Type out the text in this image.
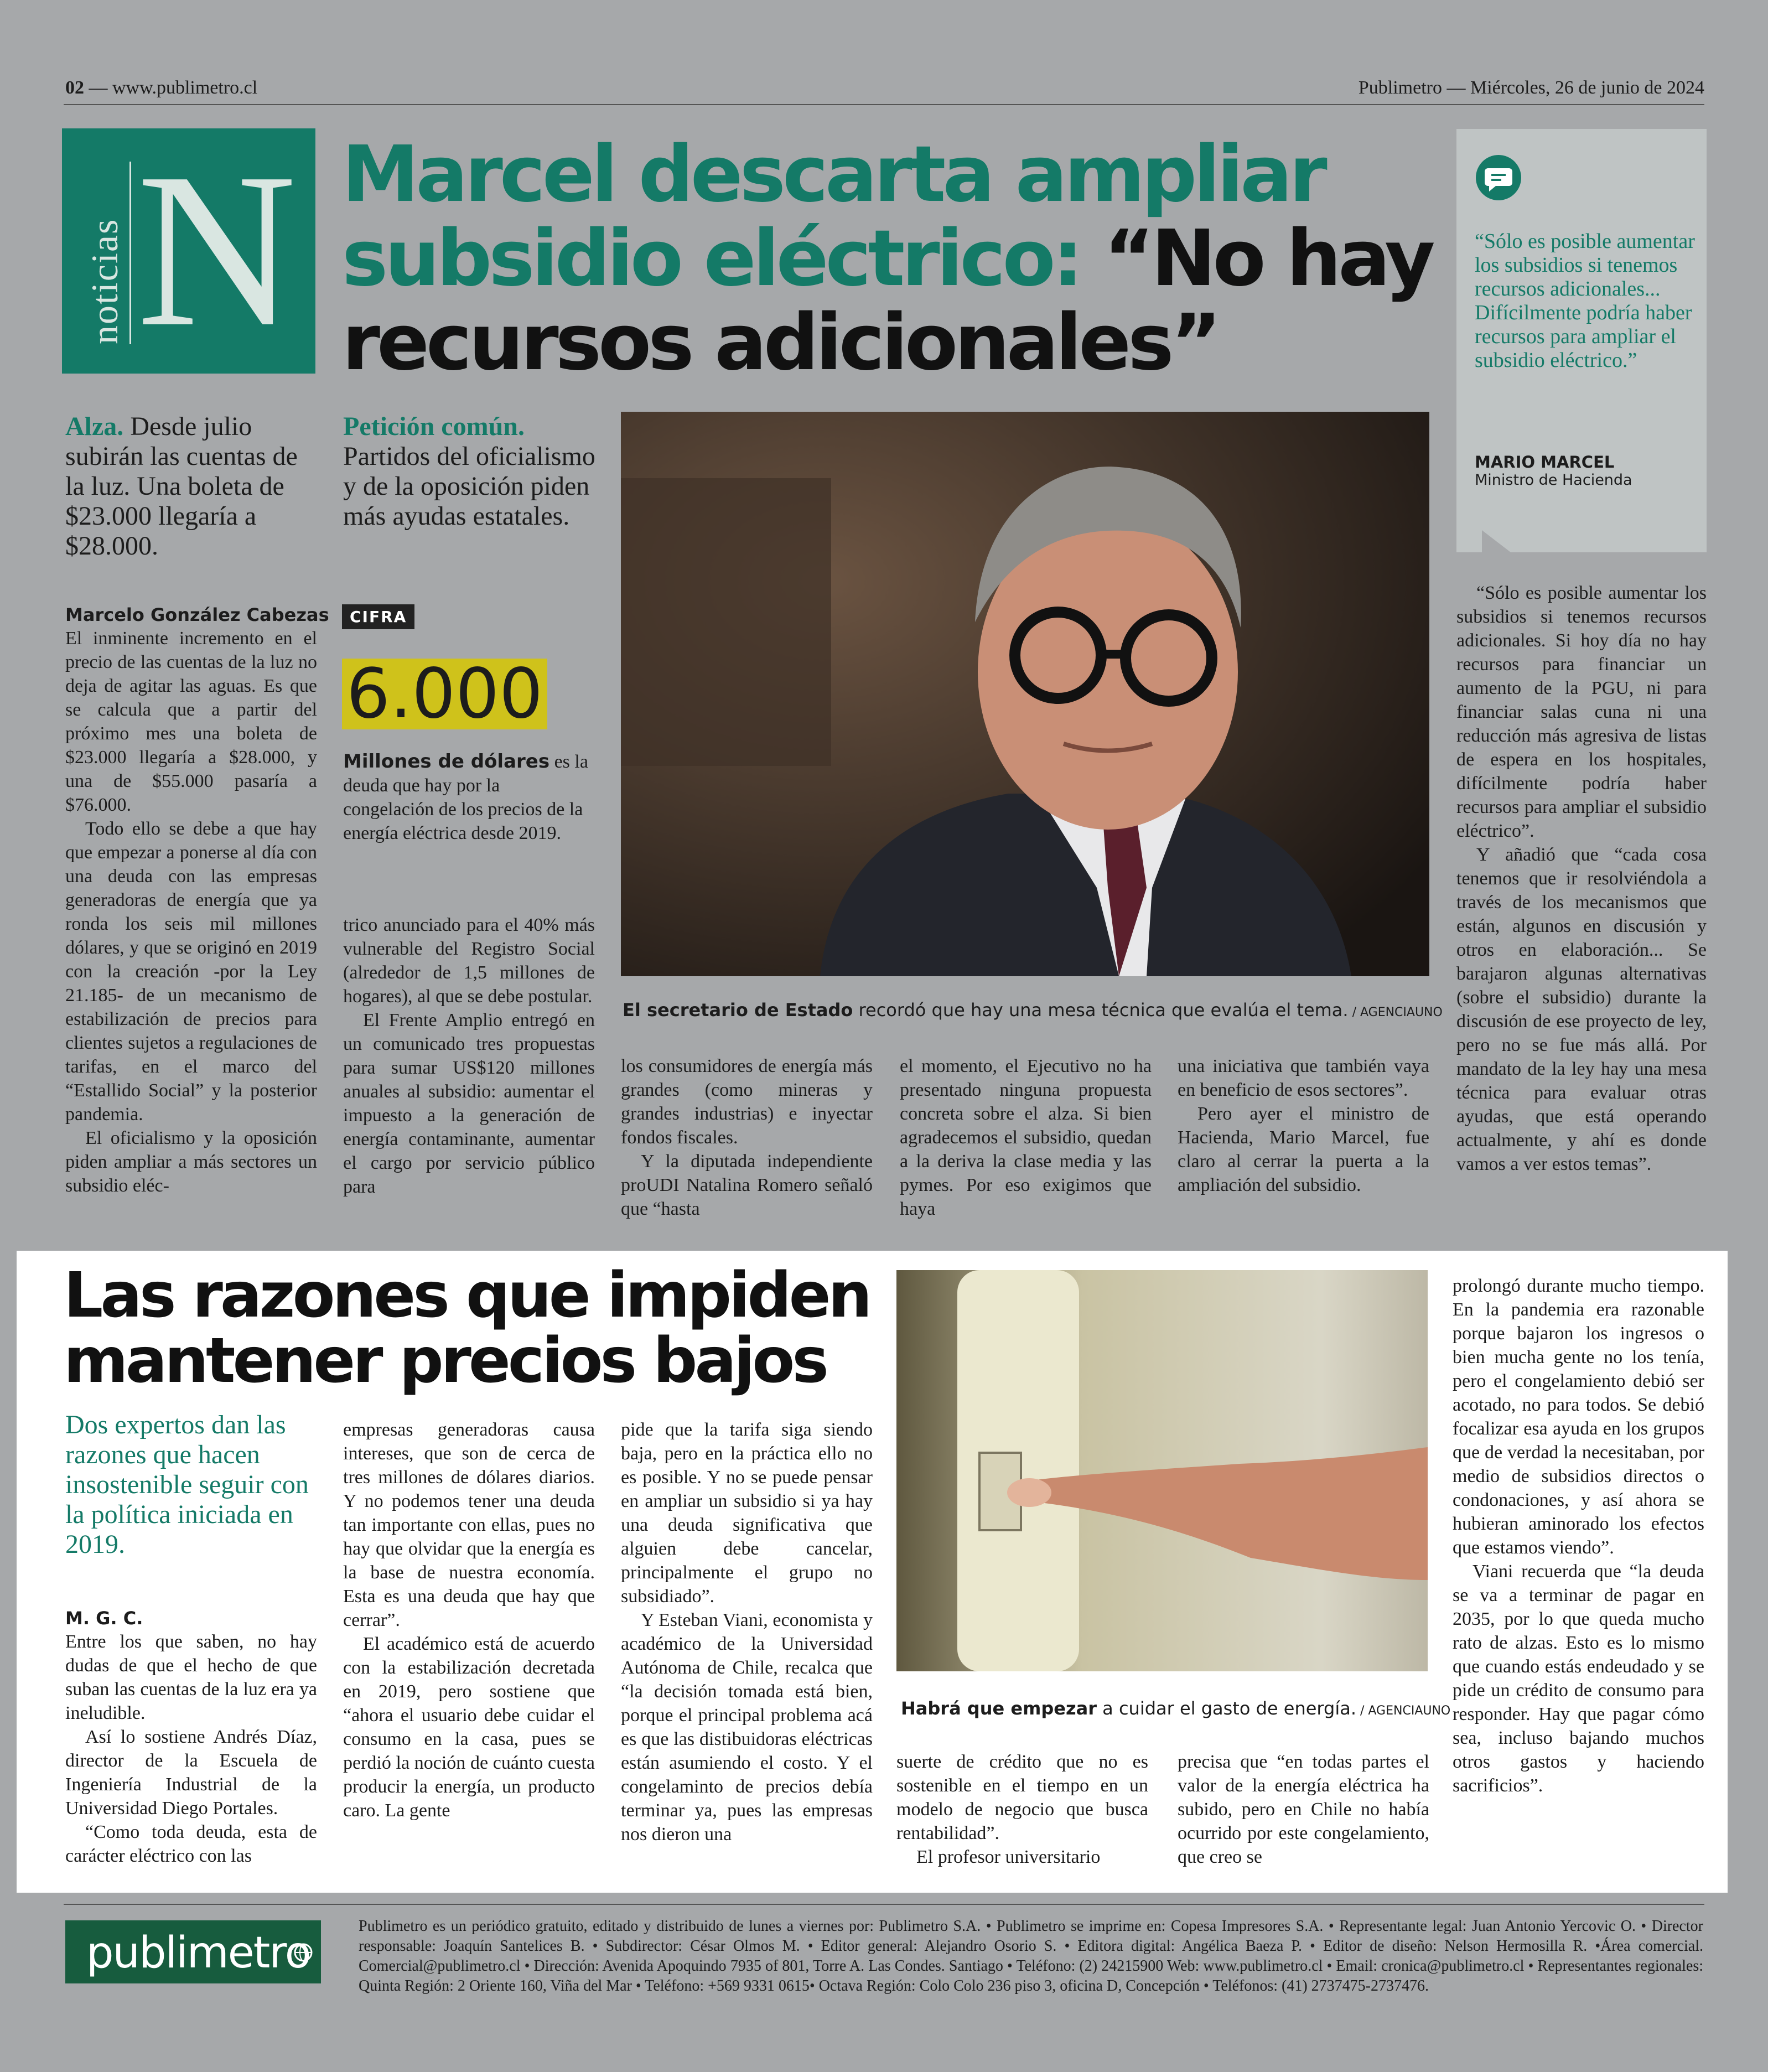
02 — www.publimetro.cl	Publimetro — Miércoles, 26 de junio de 2024
noticias N Marcel descarta ampliar subsidio eléctrico: “No hay recursos adicionales”
“Sólo es posible aumentar los subsidios si tenemos recursos adicionales... Difícilmente podría haber recursos para ampliar el subsidio eléctrico.”
MARIO MARCEL
Ministro de Hacienda
Alza. Desde julio subirán las cuentas de la luz. Una boleta de $23.000 llegaría a $28.000.
Petición común. Partidos del oficialismo y de la oposición piden más ayudas estatales.
CIFRA
6.000

Millones de dólares es la deuda que hay por la congelación de los precios de la energía eléctrica desde 2019.

Marcelo González Cabezas

El inminente incremento en el precio de las cuentas de la luz no deja de agitar las aguas. Es que se calcula que a partir del próximo mes una boleta de $23.000 llegaría a $28.000, y una de $55.000 pasaría a $76.000.

Todo ello se debe a que hay que empezar a ponerse al día con una deuda con las empresas generadoras de energía que ya ronda los seis mil millones dólares, y que se originó en 2019 con la creación -por la Ley 21.185- de un mecanismo de estabilización de precios para clientes sujetos a regulaciones de tarifas, en el marco del “Estallido Social” y la posterior pandemia.

El oficialismo y la oposición piden ampliar a más sectores un subsidio eléc-

trico anunciado para el 40% más vulnerable del Registro Social (alrededor de 1,5 millones de hogares), al que se debe postular.

El Frente Amplio entregó en un comunicado tres propuestas para sumar US$120 millones anuales al subsidio: aumentar el impuesto a la generación de energía contaminante, aumentar el cargo por servicio público para

El secretario de Estado recordó que hay una mesa técnica que evalúa el tema. / AGENCIAUNO

los consumidores de energía más grandes (como mineras y grandes industrias) e inyectar fondos fiscales.

Y la diputada independiente proUDI Natalina Romero señaló que “hasta

el momento, el Ejecutivo no ha presentado ninguna propuesta concreta sobre el alza. Si bien agradecemos el subsidio, quedan a la deriva la clase media y las pymes. Por eso exigimos que haya

una iniciativa que también vaya en beneficio de esos sectores”.

Pero ayer el ministro de Hacienda, Mario Marcel, fue claro al cerrar la puerta a la ampliación del subsidio.

“Sólo es posible aumentar los subsidios si tenemos recursos adicionales. Si hoy día no hay recursos para financiar un aumento de la PGU, ni para financiar salas cuna ni una reducción más agresiva de listas de espera en los hospitales, difícilmente podría haber recursos para ampliar el subsidio eléctrico”.

Y añadió que “cada cosa tenemos que ir resolviéndola a través de los mecanismos que están, algunos en discusión y otros en elaboración... Se barajaron algunas alternativas (sobre el subsidio) durante la discusión de ese proyecto de ley, pero no se fue más allá. Por mandato de la ley hay una mesa técnica para evaluar otras ayudas, que está operando actualmente, y ahí es donde vamos a ver estos temas”.

Las razones que impiden
mantener precios bajos
Dos expertos dan las razones que hacen insostenible seguir con la política iniciada en 2019.
M. G. C.

Entre los que saben, no hay dudas de que el hecho de que suban las cuentas de la luz era ya ineludible.

Así lo sostiene Andrés Díaz, director de la Escuela de Ingeniería Industrial de la Universidad Diego Portales.

“Como toda deuda, esta de carácter eléctrico con las

empresas generadoras causa intereses, que son de cerca de tres millones de dólares diarios. Y no podemos tener una deuda tan importante con ellas, pues no hay que olvidar que la energía es la base de nuestra economía. Esta es una deuda que hay que cerrar”.

El académico está de acuerdo con la estabilización decretada en 2019, pero sostiene que “ahora el usuario debe cuidar el consumo en la casa, pues se perdió la noción de cuánto cuesta producir la energía, un producto caro. La gente

pide que la tarifa siga siendo baja, pero en la práctica ello no es posible. Y no se puede pensar en ampliar un subsidio si ya hay una deuda significativa que alguien debe cancelar, principalmente el grupo no subsidiado”.

Y Esteban Viani, economista y académico de la Universidad Autónoma de Chile, recalca que “la decisión tomada está bien, porque el principal problema acá es que las distibuidoras eléctricas están asumiendo el costo. Y el congelaminto de precios debía terminar ya, pues las empresas nos dieron una

Habrá que empezar a cuidar el gasto de energía. / AGENCIAUNO

suerte de crédito que no es sostenible en el tiempo en un modelo de negocio que busca rentabilidad”.

El profesor universitario

precisa que “en todas partes el valor de la energía eléctrica ha subido, pero en Chile no había ocurrido por este congelamiento, que creo se

prolongó durante mucho tiempo. En la pandemia era razonable porque bajaron los ingresos o bien mucha gente no los tenía, pero el congelamiento debió ser acotado, no para todos. Se debió focalizar esa ayuda en los grupos que de verdad la necesitaban, por medio de subsidios directos o condonaciones, y así ahora se hubieran aminorado los efectos que estamos viendo”.

Viani recuerda que “la deuda se va a terminar de pagar en 2035, por lo que queda mucho rato de alzas. Esto es lo mismo que cuando estás endeudado y se pide un crédito de consumo para responder. Hay que pagar cómo sea, incluso bajando muchos otros gastos y haciendo sacrificios”.

publimetro
Publimetro es un periódico gratuito, editado y distribuido de lunes a viernes por: Publimetro S.A. • Publimetro se imprime en: Copesa Impresores S.A. • Representante legal: Juan Antonio Yercovic O. • Director responsable: Joaquín Santelices B. • Subdirector: César Olmos M. • Editor general: Alejandro Osorio S. • Editora digital: Angélica Baeza P. • Editor de diseño: Nelson Hermosilla R. •Área comercial. Comercial@publimetro.cl • Dirección: Avenida Apoquindo 7935 of 801, Torre A. Las Condes. Santiago • Teléfono: (2) 24215900 Web: www.publimetro.cl • Email: cronica@publimetro.cl • Representantes regionales: Quinta Región: 2 Oriente 160, Viña del Mar • Teléfono: +569 9331 0615• Octava Región: Colo Colo 236 piso 3, oficina D, Concepción • Teléfonos: (41) 2737475-2737476.
